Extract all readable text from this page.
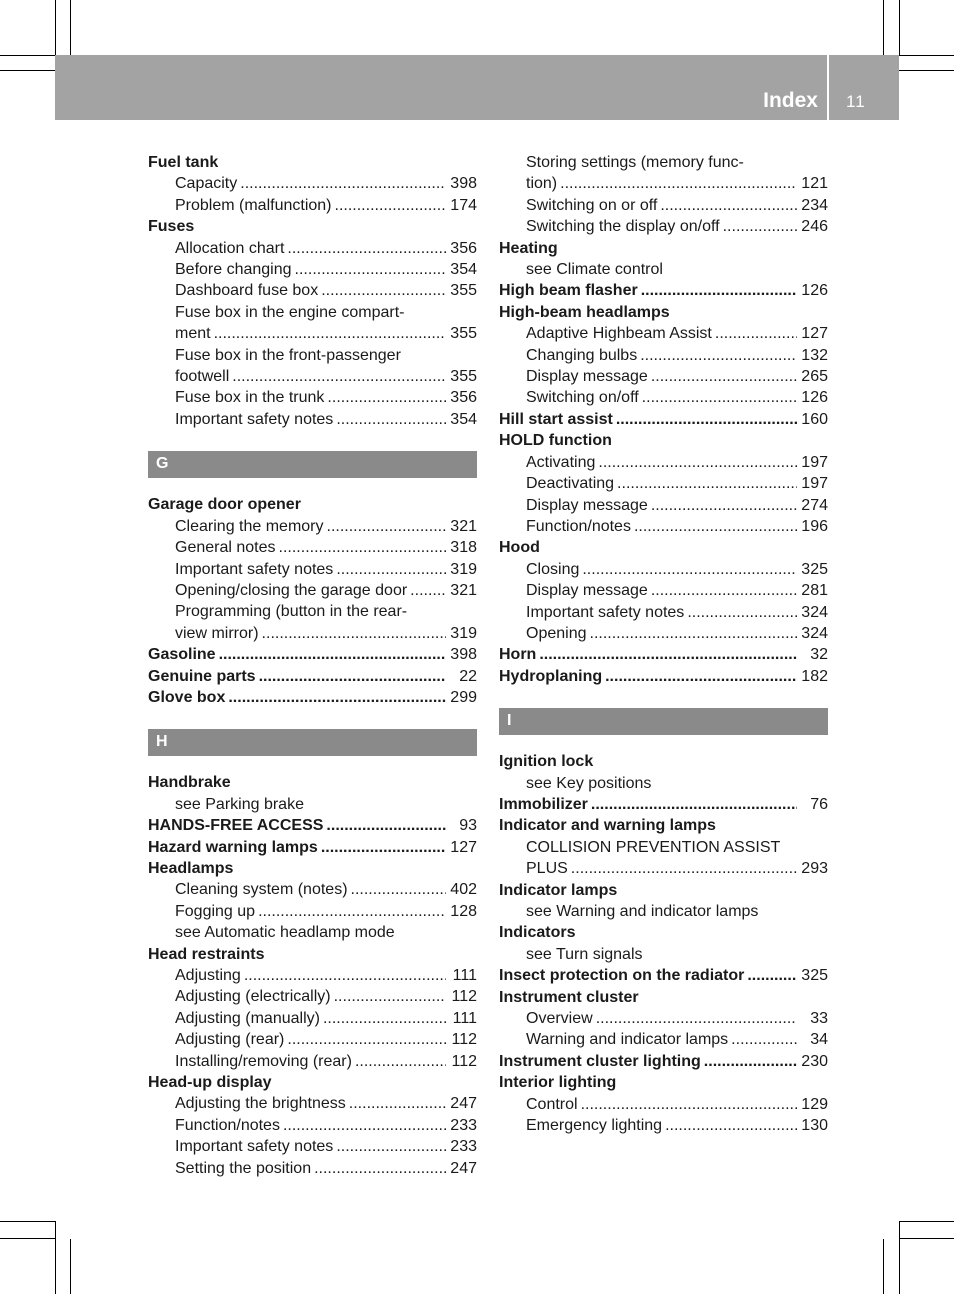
Index 11
Fuel tank
Capacity .....	398
Problem (malfunction) .....	174
Fuses
Allocation chart .....	356
Before changing .....	354
Dashboard fuse box .....	355
Fuse box in the engine compart-
ment .....	355
Fuse box in the front-passenger
footwell .....	355
Fuse box in the trunk .....	356
Important safety notes .....	354
G
Garage door opener
Clearing the memory .....	321
General notes .....	318
Important safety notes .....	319
Opening/closing the garage door .....	321
Programming (button in the rear-
view mirror) .....	319
Gasoline .....	398
Genuine parts .....	22
Glove box .....	299
H
Handbrake
see Parking brake
HANDS-FREE ACCESS .....	93
Hazard warning lamps .....	127
Headlamps
Cleaning system (notes) .....	402
Fogging up .....	128
see Automatic headlamp mode
Head restraints
Adjusting .....	111
Adjusting (electrically) .....	112
Adjusting (manually) .....	111
Adjusting (rear) .....	112
Installing/removing (rear) .....	112
Head-up display
Adjusting the brightness .....	247
Function/notes .....	233
Important safety notes .....	233
Setting the position .....	247
Storing settings (memory func-
tion) .....	121
Switching on or off .....	234
Switching the display on/off .....	246
Heating
see Climate control
High beam flasher .....	126
High-beam headlamps
Adaptive Highbeam Assist .....	127
Changing bulbs .....	132
Display message .....	265
Switching on/off .....	126
Hill start assist .....	160
HOLD function
Activating .....	197
Deactivating .....	197
Display message .....	274
Function/notes .....	196
Hood
Closing .....	325
Display message .....	281
Important safety notes .....	324
Opening .....	324
Horn .....	32
Hydroplaning .....	182
I
Ignition lock
see Key positions
Immobilizer .....	76
Indicator and warning lamps
COLLISION PREVENTION ASSIST
PLUS .....	293
Indicator lamps
see Warning and indicator lamps
Indicators
see Turn signals
Insect protection on the radiator .....	325
Instrument cluster
Overview .....	33
Warning and indicator lamps .....	34
Instrument cluster lighting .....	230
Interior lighting
Control .....	129
Emergency lighting .....	130
